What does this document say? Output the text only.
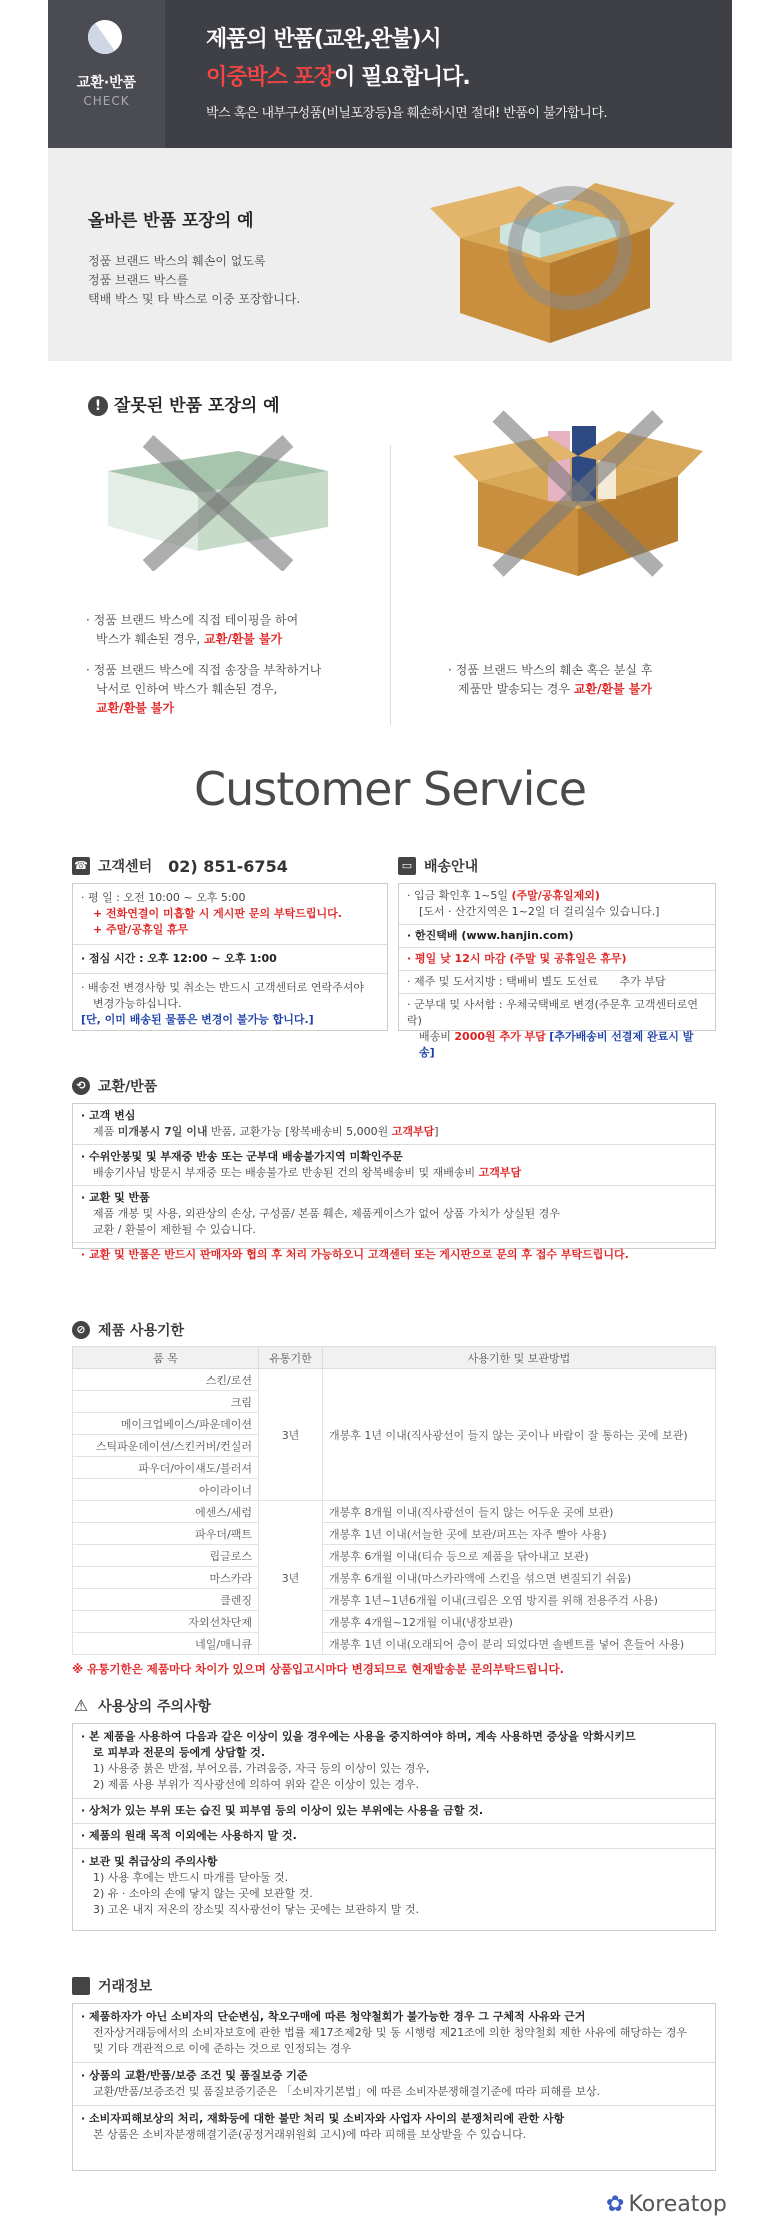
교환·반품
CHECK
제품의 반품(교완,완불)시
이중박스 포장이 필요합니다.
박스 혹은 내부구성품(비닐포장등)을 훼손하시면 절대! 반품이 불가합니다.
올바른 반품 포장의 예
정품 브랜드 박스의 훼손이 없도록
정품 브랜드 박스를
택배 박스 및 타 박스로 이중 포장합니다.
! 잘못된 반품 포장의 예
· 정품 브랜드 박스에 직접 테이핑을 하여
박스가 훼손된 경우, 교환/환불 불가
· 정품 브랜드 박스에 직접 송장을 부착하거나
낙서로 인하여 박스가 훼손된 경우,
교환/환불 불가
· 정품 브랜드 박스의 훼손 혹은 분실 후
제품만 발송되는 경우 교환/환불 불가
Customer Service
☎ 고객센터 02) 851-6754
· 평 일 : 오전 10:00 ~ 오후 5:00
+ 전화연결이 미흡할 시 게시판 문의 부탁드립니다.
+ 주말/공휴일 휴무
· 점심 시간 : 오후 12:00 ~ 오후 1:00
· 배송전 변경사항 및 취소는 반드시 고객센터로 연락주셔야
변경가능하십니다.
[단, 이미 배송된 물품은 변경이 불가능 합니다.]
▭ 배송안내
· 입금 확인후 1~5일 (주말/공휴일제외)
[도서 · 산간지역은 1~2일 더 걸리실수 있습니다.]
· 한진택배 (www.hanjin.com)
· 평일 낮 12시 마감 (주말 및 공휴일은 휴무)
· 제주 및 도서지방 : 택배비 별도 도선료 추가 부담
· 군부대 및 사서함 : 우체국택배로 변경(주문후 고객센터로연락)
배송비 2000원 추가 부담 [추가배송비 선결제 완료시 발송]
⟲ 교환/반품
· 고객 변심
제품 미개봉시 7일 이내 반품, 교환가능 [왕복배송비 5,000원 고객부담]
· 수위안봉및 및 부재중 반송 또는 군부대 배송불가지역 미확인주문
배송기사님 방문시 부재중 또는 배송불가로 반송된 건의 왕복배송비 및 재배송비 고객부담
· 교환 및 반품
제품 개봉 및 사용, 외관상의 손상, 구성품/ 본품 훼손, 제품케이스가 없어 상품 가치가 상실된 경우
교환 / 환불이 제한될 수 있습니다.
· 교환 및 반품은 반드시 판매자와 협의 후 처리 가능하오니 고객센터 또는 게시판으로 문의 후 접수 부탁드립니다.
⊘ 제품 사용기한
품 목	유통기한	사용기한 및 보관방법
스킨/로션	3년	개봉후 1년 이내(직사광선이 들지 않는 곳이나 바람이 잘 통하는 곳에 보관)
크림		
메이크업베이스/파운데이션		
스틱파운데이션/스킨커버/컨실러		
파우더/아이섀도/블러셔		
아이라이너		
에센스/세럼	3년	개봉후 8개월 이내(직사광선이 들지 않는 어두운 곳에 보관)
파우더/팩트		개봉후 1년 이내(서늘한 곳에 보관/퍼프는 자주 빨아 사용)
립글로스		개봉후 6개월 이내(티슈 등으로 제품을 닦아내고 보관)
마스카라		개봉후 6개월 이내(마스카라액에 스킨을 섞으면 변질되기 쉬움)
클렌징		개봉후 1년~1년6개월 이내(크림은 오염 방지를 위해 전용주걱 사용)
자외선차단제		개봉후 4개월~12개월 이내(냉장보관)
네일/매니큐		개봉후 1년 이내(오래되어 층이 분리 되었다면 솔벤트를 넣어 흔들어 사용)
※ 유통기한은 제품마다 차이가 있으며 상품입고시마다 변경되므로 현재발송분 문의부탁드립니다.
⚠ 사용상의 주의사항
· 본 제품을 사용하여 다음과 같은 이상이 있을 경우에는 사용을 중지하여야 하며, 계속 사용하면 증상을 악화시키므
로 피부과 전문의 등에게 상담할 것.
1) 사용중 붉은 반점, 부어오름, 가려움증, 자극 등의 이상이 있는 경우,
2) 제품 사용 부위가 직사광선에 의하여 위와 같은 이상이 있는 경우.
· 상처가 있는 부위 또는 습진 및 피부염 등의 이상이 있는 부위에는 사용을 금할 것.
· 제품의 원래 목적 이외에는 사용하지 말 것.
· 보관 및 취급상의 주의사항
1) 사용 후에는 반드시 마개를 닫아둘 것.
2) 유 · 소아의 손에 닿지 않는 곳에 보관할 것.
3) 고온 내지 저온의 장소및 직사광선이 닿는 곳에는 보관하지 말 것.
거래정보
· 제품하자가 아닌 소비자의 단순변심, 착오구매에 따른 청약철회가 불가능한 경우 그 구체적 사유와 근거
전자상거래등에서의 소비자보호에 관한 법률 제17조제2항 및 동 시행령 제21조에 의한 청약철회 제한 사유에 해당하는 경우
및 기타 객관적으로 이에 준하는 것으로 인정되는 경우
· 상품의 교환/반품/보증 조건 및 품질보증 기준
교환/반품/보증조건 및 품질보증기준은 「소비자기본법」에 따른 소비자분쟁해결기준에 따라 피해를 보상.
· 소비자피해보상의 처리, 재화등에 대한 불만 처리 및 소비자와 사업자 사이의 분쟁처리에 관한 사항
본 상품은 소비자분쟁해결기준(공정거래위원회 고시)에 따라 피해를 보상받을 수 있습니다.
✿ Koreatop
